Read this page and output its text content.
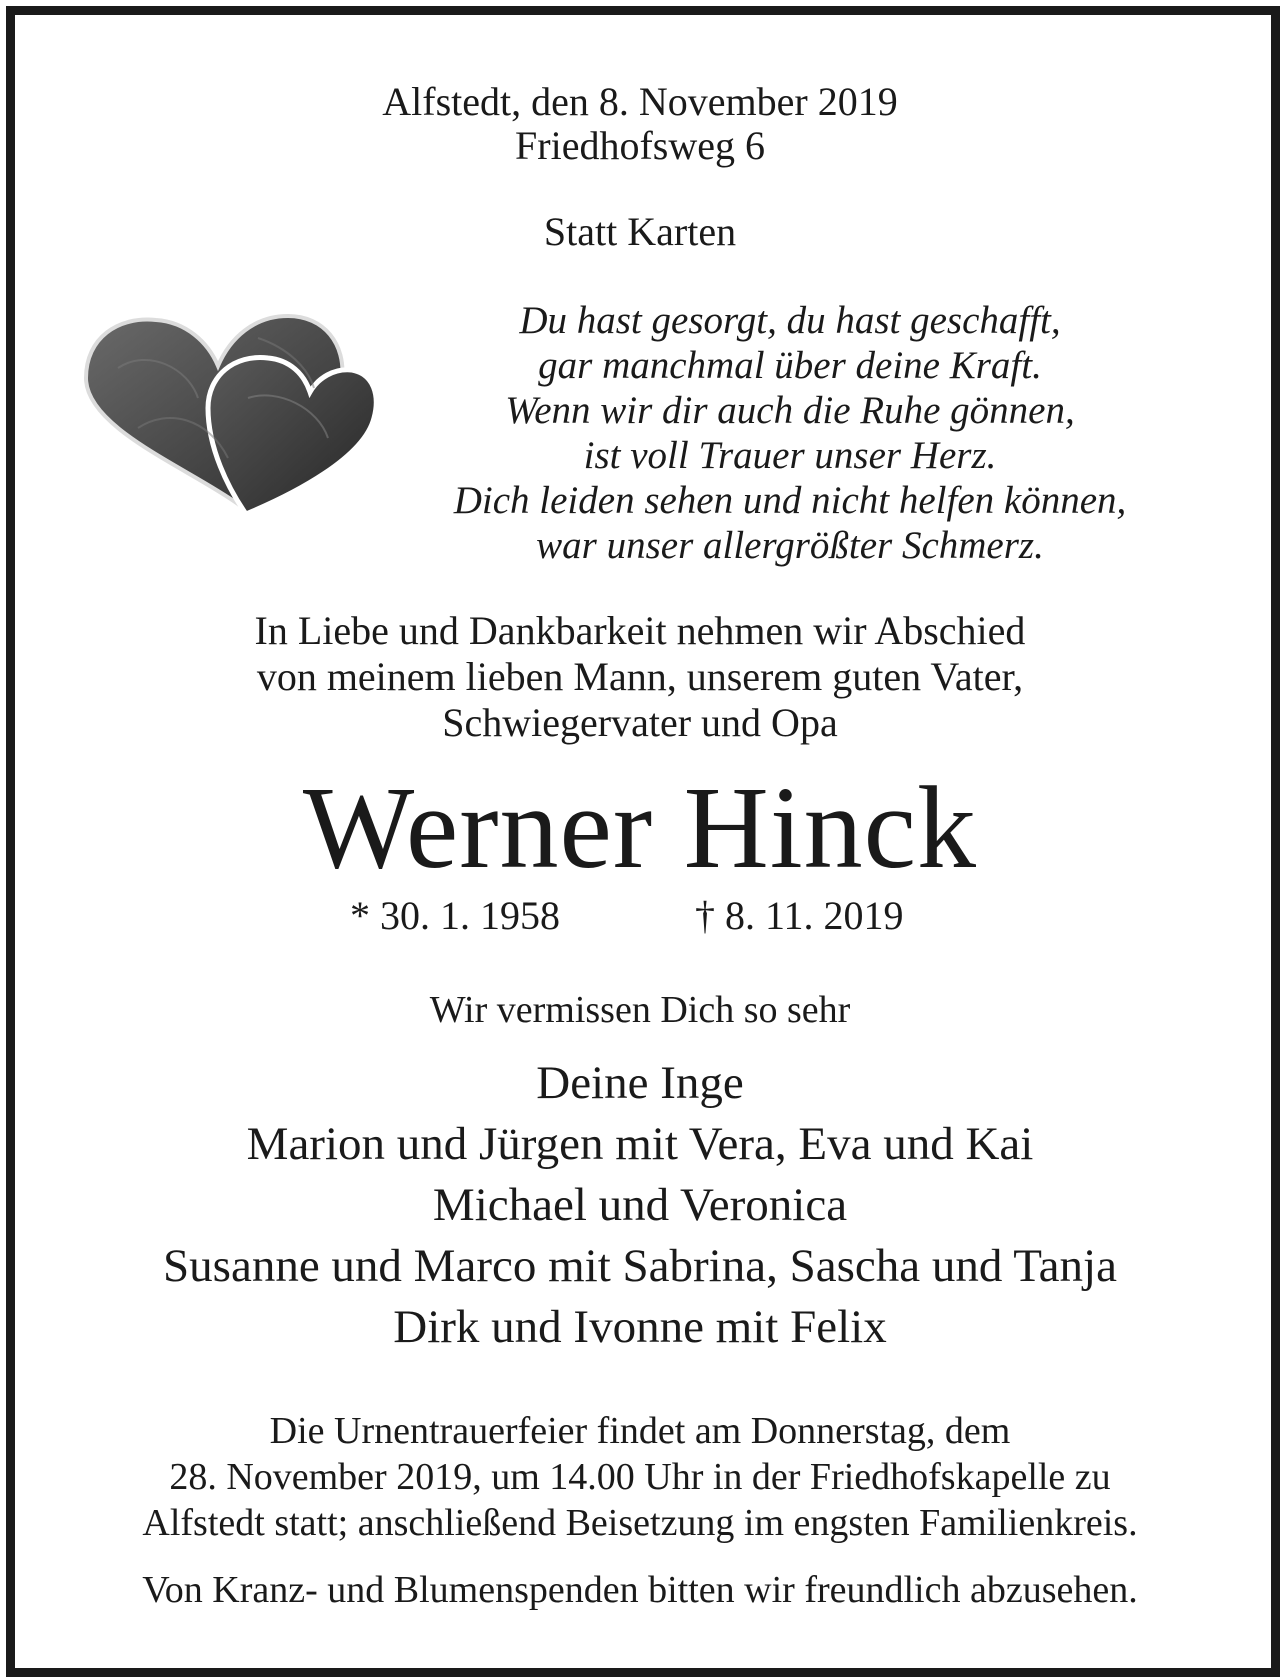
Alfstedt, den 8. November 2019

Friedhofsweg 6

Statt Karten

Du hast gesorgt, du hast geschafft,

gar manchmal über deine Kraft.

Wenn wir dir auch die Ruhe gönnen,

ist voll Trauer unser Herz.

Dich leiden sehen und nicht helfen können,

war unser allergrößter Schmerz.

In Liebe und Dankbarkeit nehmen wir Abschied

von meinem lieben Mann, unserem guten Vater,

Schwiegervater und Opa

Werner Hinck

* 30. 1. 1958	† 8. 11. 2019

Wir vermissen Dich so sehr

Deine Inge

Marion und Jürgen mit Vera, Eva und Kai

Michael und Veronica

Susanne und Marco mit Sabrina, Sascha und Tanja

Dirk und Ivonne mit Felix

Die Urnentrauerfeier findet am Donnerstag, dem

28. November 2019, um 14.00 Uhr in der Friedhofskapelle zu

Alfstedt statt; anschließend Beisetzung im engsten Familienkreis.

Von Kranz- und Blumenspenden bitten wir freundlich abzusehen.
